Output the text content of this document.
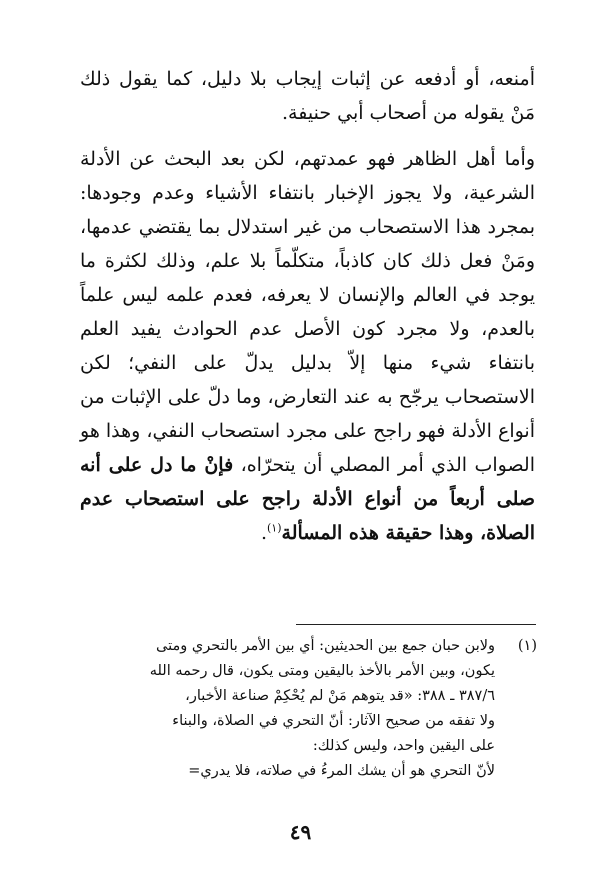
أمنعه، أو أدفعه عن إثبات إيجاب بلا دليل، كما يقول ذلك مَنْ يقوله من أصحاب أبي حنيفة.

وأما أهل الظاهر فهو عمدتهم، لكن بعد البحث عن الأدلة الشرعية، ولا يجوز الإخبار بانتفاء الأشياء وعدم وجودها: بمجرد هذا الاستصحاب من غير استدلال بما يقتضي عدمها، ومَنْ فعل ذلك كان كاذباً، متكلّماً بلا علم، وذلك لكثرة ما يوجد في العالم والإنسان لا يعرفه، فعدم علمه ليس علماً بالعدم، ولا مجرد كون الأصل عدم الحوادث يفيد العلم بانتفاء شيء منها إلاّ بدليل يدلّ على النفي؛ لكن الاستصحاب يرجّح به عند التعارض، وما دلّ على الإثبات من أنواع الأدلة فهو راجح على مجرد استصحاب النفي، وهذا هو الصواب الذي أمر المصلي أن يتحرّاه، فإنْ ما دل على أنه صلى أربعاً من أنواع الأدلة راجح على استصحاب عدم الصلاة، وهذا حقيقة هذه المسألة$^{(١)}$.

(١)
ولابن حبان جمع بين الحديثين: أي بين الأمر بالتحري ومتى
يكون، وبين الأمر بالأخذ باليقين ومتى يكون، قال رحمه الله
٣٨٧/٦ ـ ٣٨٨: «قد يتوهم مَنْ لم يُحْكِمْ صناعة الأخبار،
ولا تفقه من صحيح الآثار: أنّ التحري في الصلاة، والبناء
على اليقين واحد، وليس كذلك:
لأنّ التحري هو أن يشك المرءُ في صلاته، فلا يدري=
٤٩
